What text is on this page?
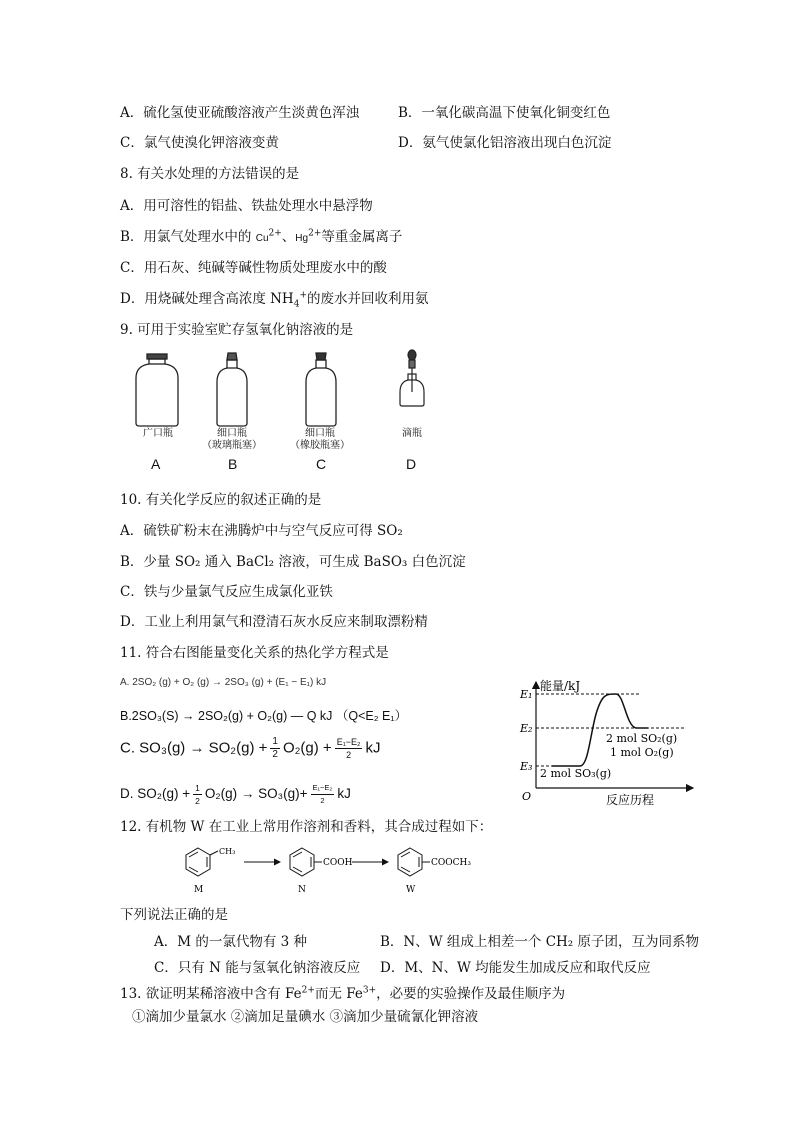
A．硫化氢使亚硫酸溶液产生淡黄色浑浊	B．一氧化碳高温下使氧化铜变红色
C．氯气使溴化钾溶液变黄	D．氨气使氯化铝溶液出现白色沉淀
8. 有关水处理的方法错误的是
A．用可溶性的铝盐、铁盐处理水中悬浮物
B．用氯气处理水中的 $Cu^{2+}$、$Hg^{2+}$等重金属离子
C．用石灰、纯碱等碱性物质处理废水中的酸
D．用烧碱处理含高浓度 $NH_4^+$的废水并回收利用氨
9. 可用于实验室贮存氢氧化钠溶液的是
广口瓶	细口瓶
（玻璃瓶塞）
细口瓶
（橡胶瓶塞）
滴瓶
A	B	C	D
10. 有关化学反应的叙述正确的是
A．硫铁矿粉末在沸腾炉中与空气反应可得 SO₂
B．少量 SO₂ 通入 BaCl₂ 溶液，可生成 BaSO₃ 白色沉淀
C．铁与少量氯气反应生成氯化亚铁
D．工业上利用氯气和澄清石灰水反应来制取漂粉精
11. 符合右图能量变化关系的热化学方程式是
A. 2SO₂ (g) + O₂ (g) → 2SO₃ (g) + (E₁ − E₁) kJ
B.2SO₃(S) → 2SO₂(g) + O₂(g) — Q kJ （Q<E₂ E₁）
C. $SO_3(g) \to SO_2(g) + \frac{1}{2} O_2(g) + \frac{\text{E₁−E₂}}{2}$ kJ
D. $SO_2(g) + \frac{1}{2} O_2(g) \to SO_3(g)+ \frac{\text{E₁−E₂}}{2}$ kJ
能量/kJ
E₁
E₂
E₃
O
2 mol SO₂(g)
1 mol O₂(g)
2 mol SO₃(g)
反应历程
12. 有机物 W 在工业上常用作溶剂和香料，其合成过程如下：
CH₃
M
COOH
N
COOCH₃
W
下列说法正确的是
A．M 的一氯代物有 3 种	B．N、W 组成上相差一个 CH₂ 原子团，互为同系物
C．只有 N 能与氢氧化钠溶液反应 D．M、N、W 均能发生加成反应和取代反应
13. 欲证明某稀溶液中含有 $Fe^{2+}$而无 $Fe^{3+}$，必要的实验操作及最佳顺序为
①滴加少量氯水 ②滴加足量碘水 ③滴加少量硫氰化钾溶液
